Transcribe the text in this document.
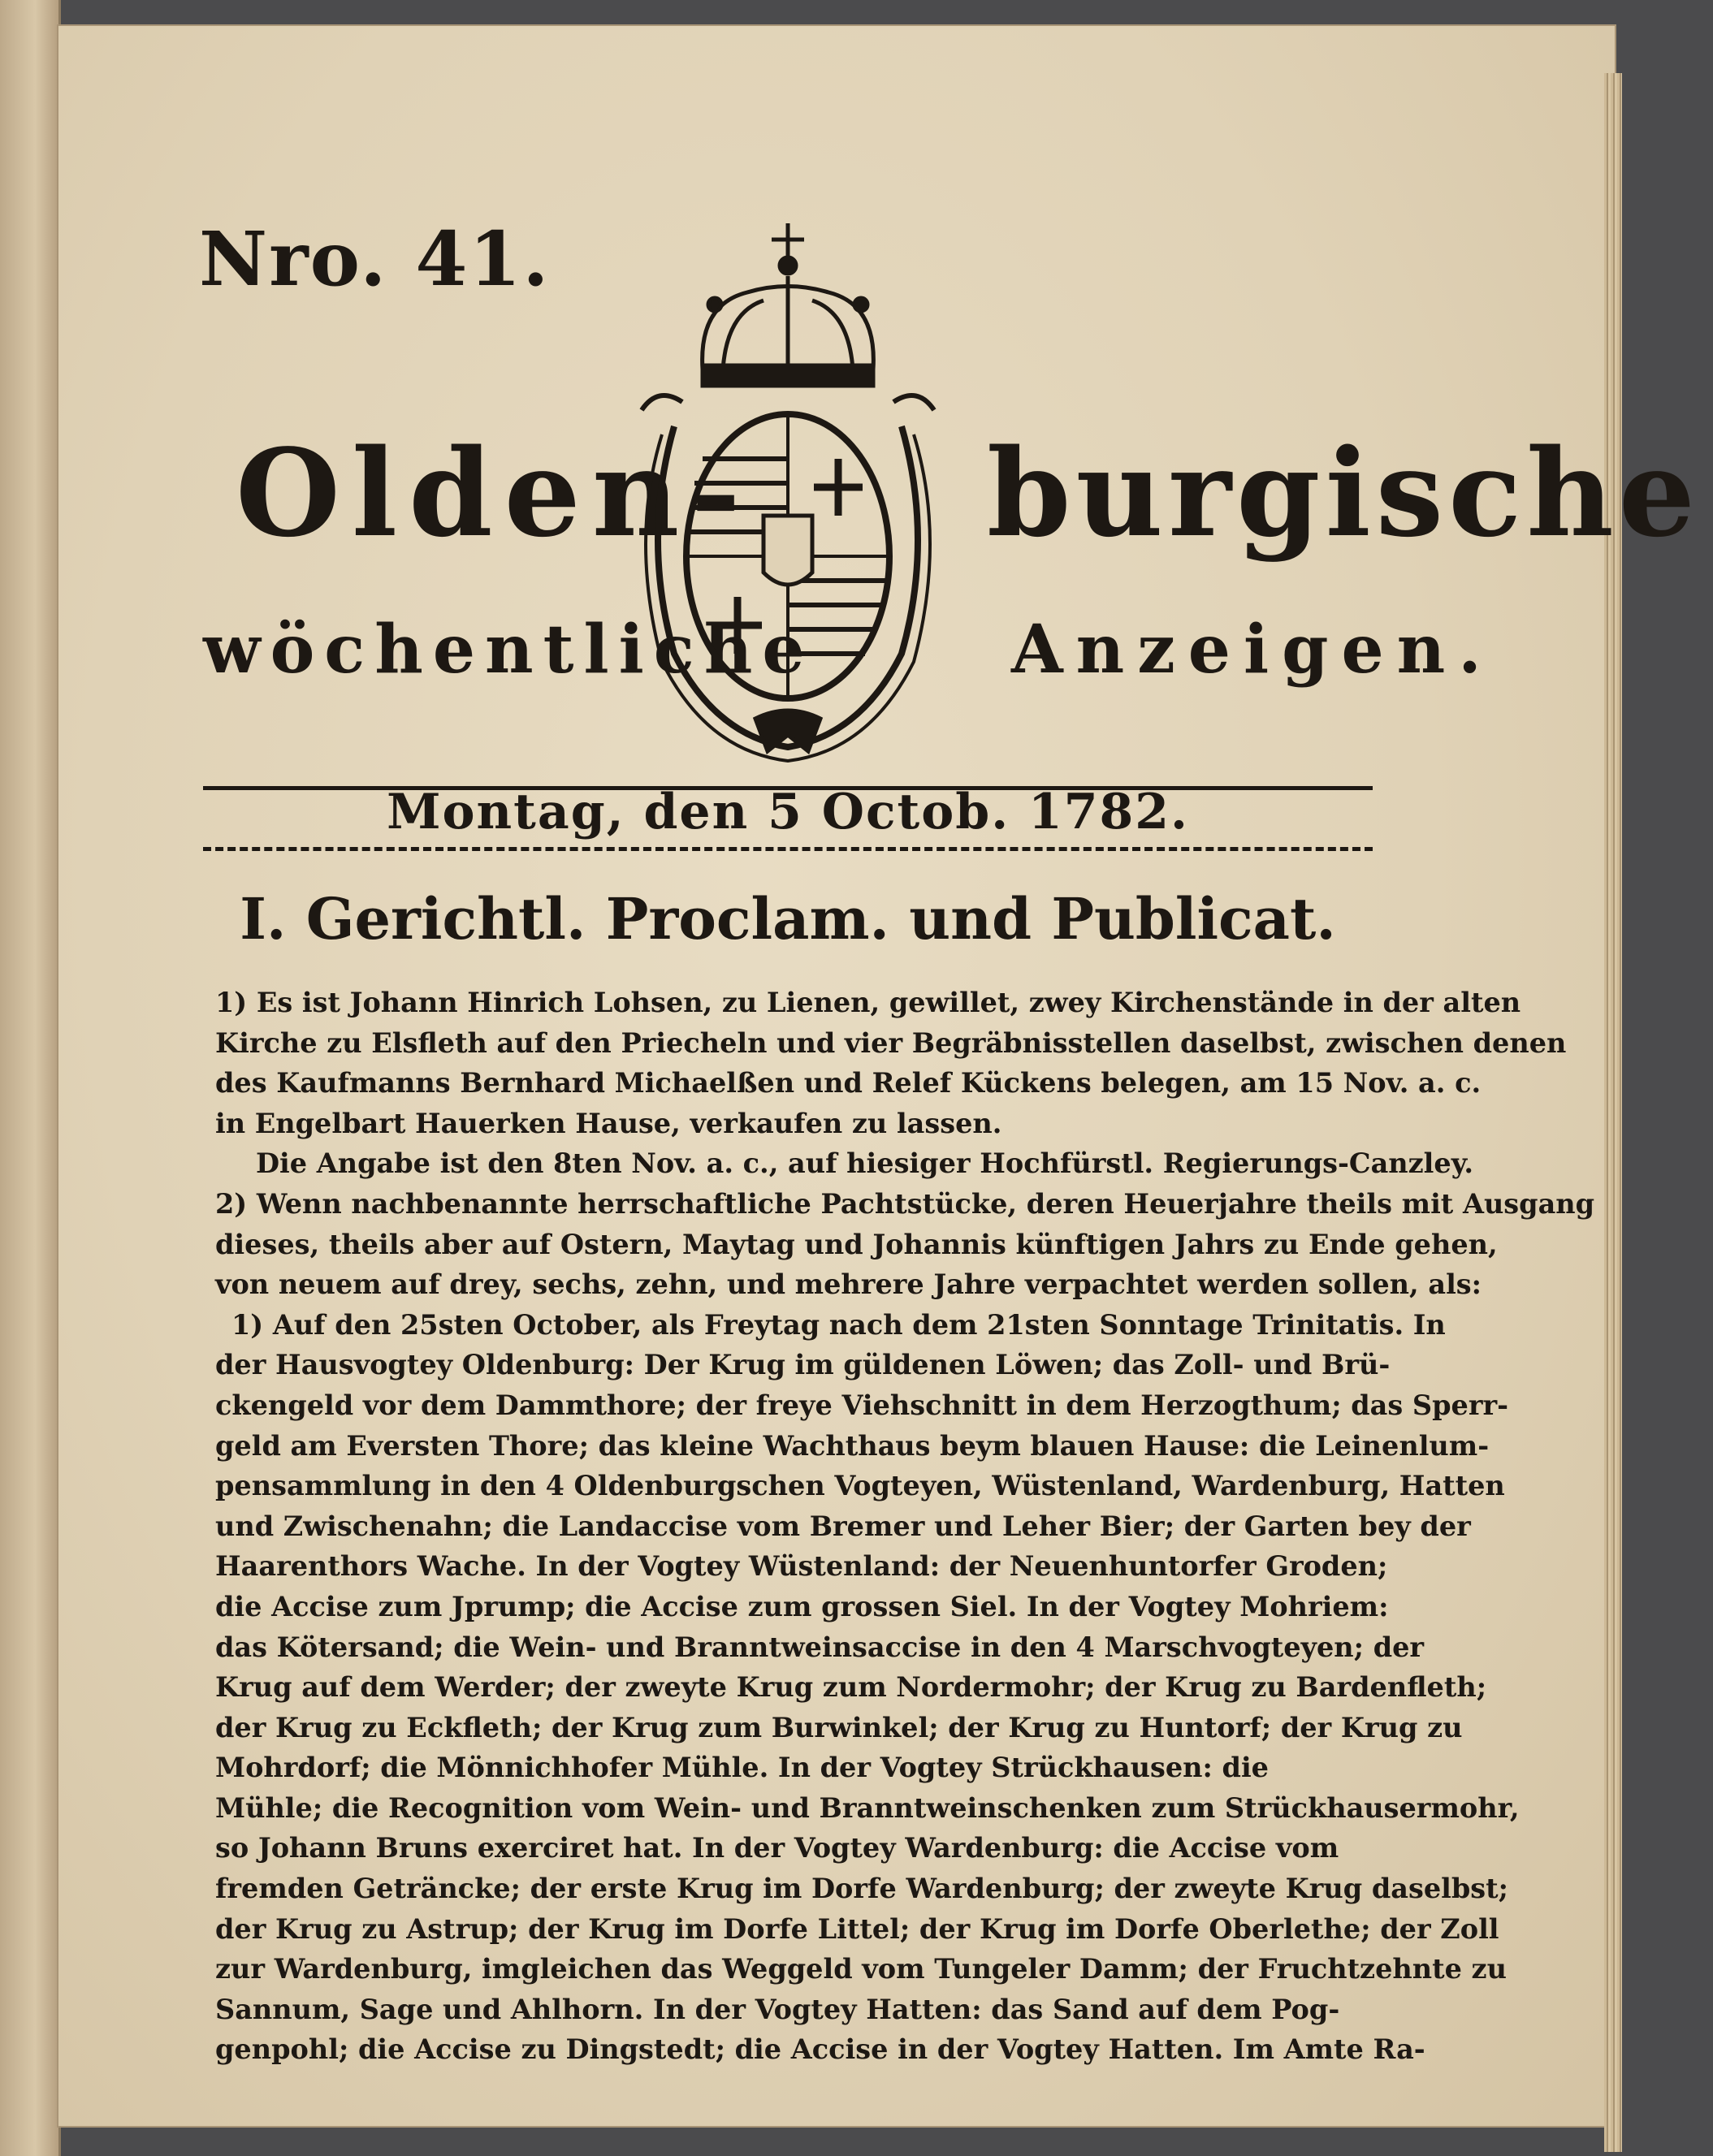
Nro. 41.
Olden- burgische
wöchentliche	Anzeigen.
Montag, den 5 Octob. 1782.
I. Gerichtl. Proclam. und Publicat.
1) Es ist Johann Hinrich Lohsen, zu Lienen, gewillet, zwey Kirchenstände in der alten
Kirche zu Elsfleth auf den Priecheln und vier Begräbnisstellen daselbst, zwischen denen
des Kaufmanns Bernhard Michaelßen und Relef Kückens belegen, am 15 Nov. a. c.
in Engelbart Hauerken Hause, verkaufen zu lassen.
Die Angabe ist den 8ten Nov. a. c., auf hiesiger Hochfürstl. Regierungs-Canzley.
2) Wenn nachbenannte herrschaftliche Pachtstücke, deren Heuerjahre theils mit Ausgang
dieses, theils aber auf Ostern, Maytag und Johannis künftigen Jahrs zu Ende gehen,
von neuem auf drey, sechs, zehn, und mehrere Jahre verpachtet werden sollen, als:
1) Auf den 25sten October, als Freytag nach dem 21sten Sonntage Trinitatis. In
der Hausvogtey Oldenburg: Der Krug im güldenen Löwen; das Zoll- und Brü-
ckengeld vor dem Dammthore; der freye Viehschnitt in dem Herzogthum; das Sperr-
geld am Eversten Thore; das kleine Wachthaus beym blauen Hause: die Leinenlum-
pensammlung in den 4 Oldenburgschen Vogteyen, Wüstenland, Wardenburg, Hatten
und Zwischenahn; die Landaccise vom Bremer und Leher Bier; der Garten bey der
Haarenthors Wache. In der Vogtey Wüstenland: der Neuenhuntorfer Groden;
die Accise zum Jprump; die Accise zum grossen Siel. In der Vogtey Mohriem:
das Kötersand; die Wein- und Branntweinsaccise in den 4 Marschvogteyen; der
Krug auf dem Werder; der zweyte Krug zum Nordermohr; der Krug zu Bardenfleth;
der Krug zu Eckfleth; der Krug zum Burwinkel; der Krug zu Huntorf; der Krug zu
Mohrdorf; die Mönnichhofer Mühle. In der Vogtey Strückhausen: die
Mühle; die Recognition vom Wein- und Branntweinschenken zum Strückhausermohr,
so Johann Bruns exerciret hat. In der Vogtey Wardenburg: die Accise vom
fremden Geträncke; der erste Krug im Dorfe Wardenburg; der zweyte Krug daselbst;
der Krug zu Astrup; der Krug im Dorfe Littel; der Krug im Dorfe Oberlethe; der Zoll
zur Wardenburg, imgleichen das Weggeld vom Tungeler Damm; der Fruchtzehnte zu
Sannum, Sage und Ahlhorn. In der Vogtey Hatten: das Sand auf dem Pog-
genpohl; die Accise zu Dingstedt; die Accise in der Vogtey Hatten. Im Amte Ra-
